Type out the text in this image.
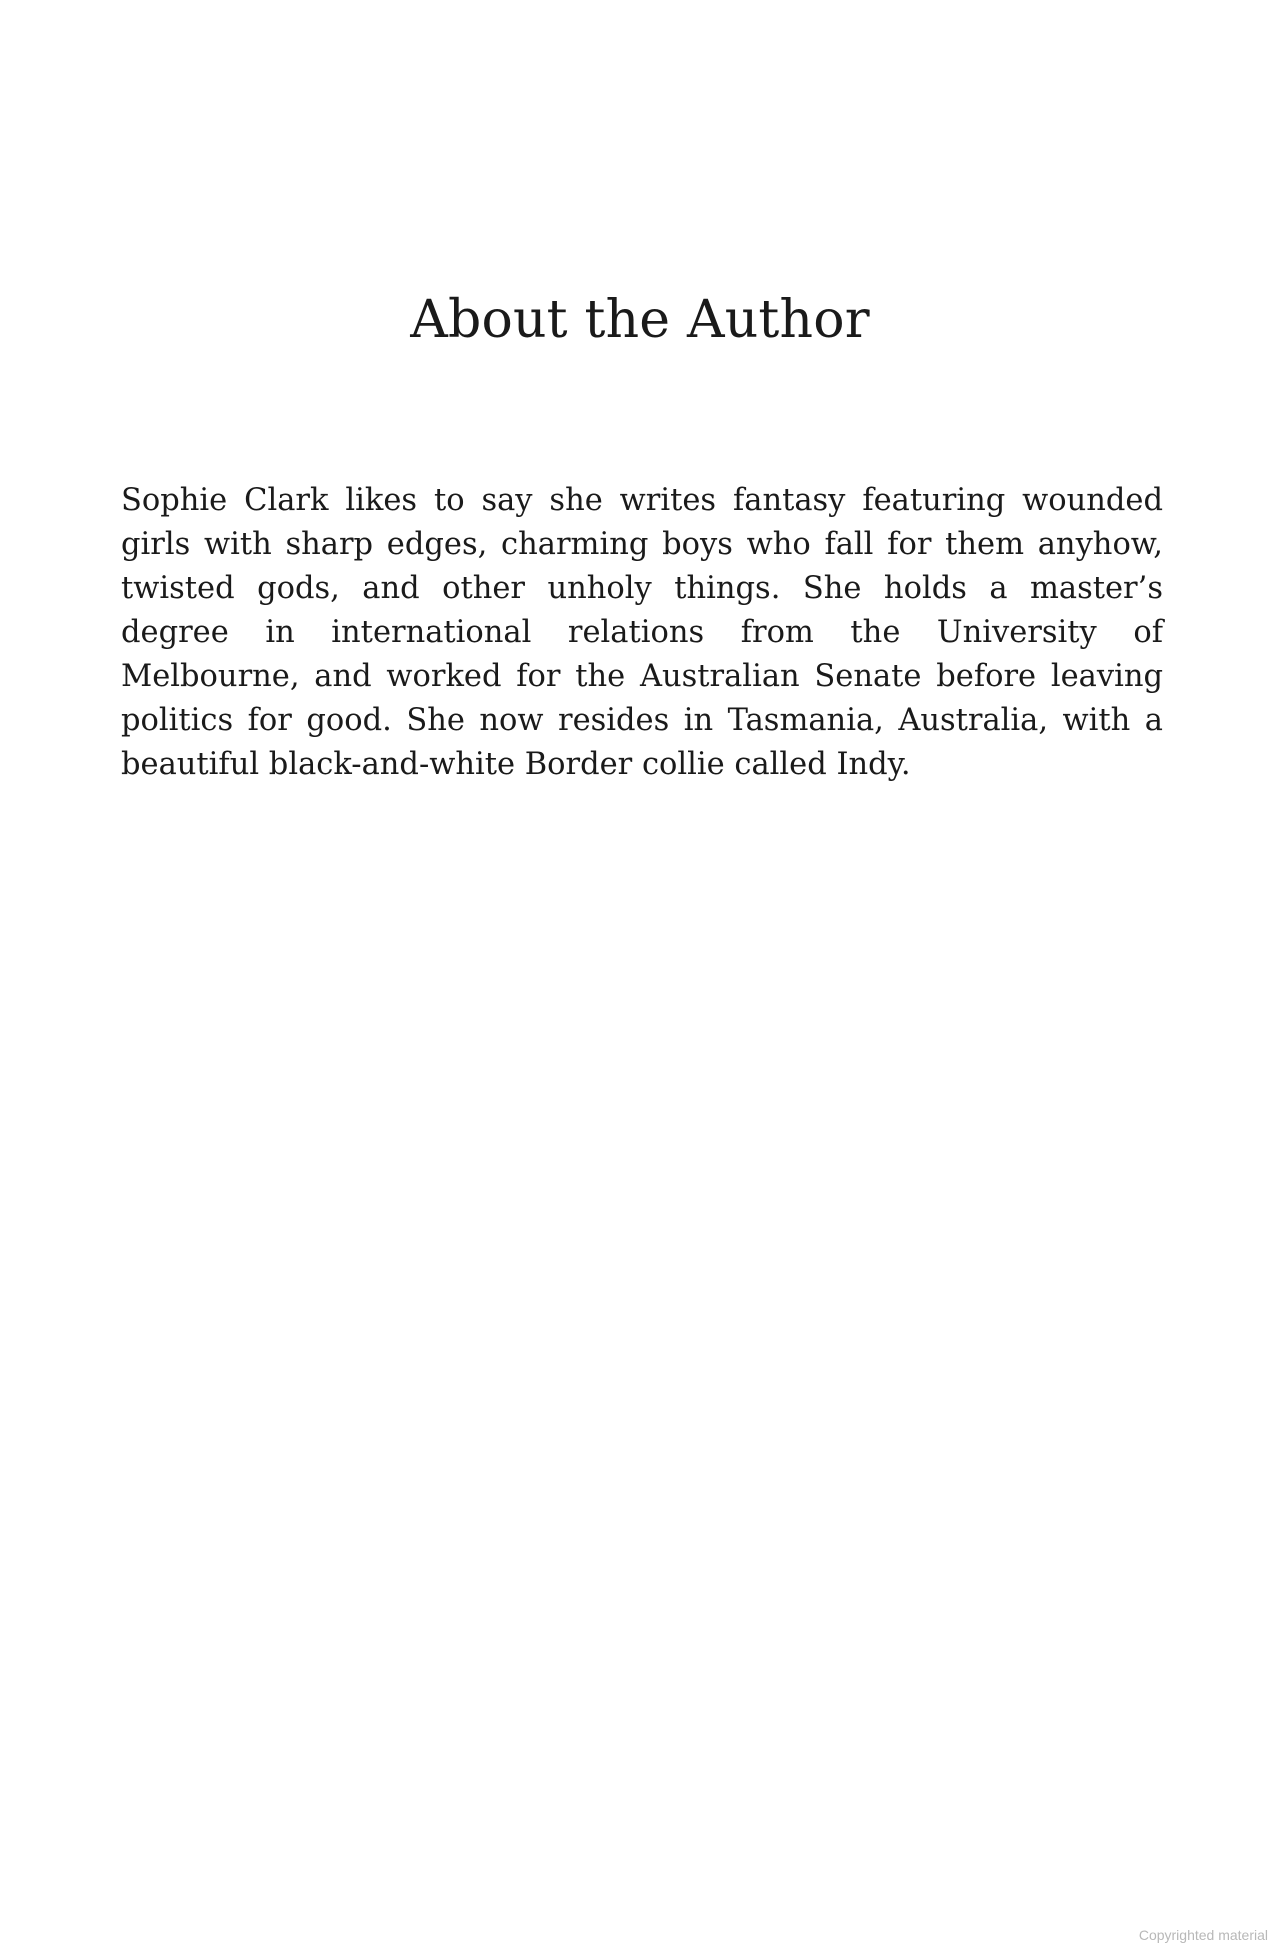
About the Author

Sophie Clark likes to say she writes fantasy featuring wounded girls with sharp edges, charming boys who fall for them anyhow, twisted gods, and other unholy things. She holds a master’s degree in international relations from the University of Melbourne, and worked for the Australian Senate before leaving politics for good. She now resides in Tasmania, Australia, with a beautiful black-and-white Border collie called Indy.

Copyrighted material
